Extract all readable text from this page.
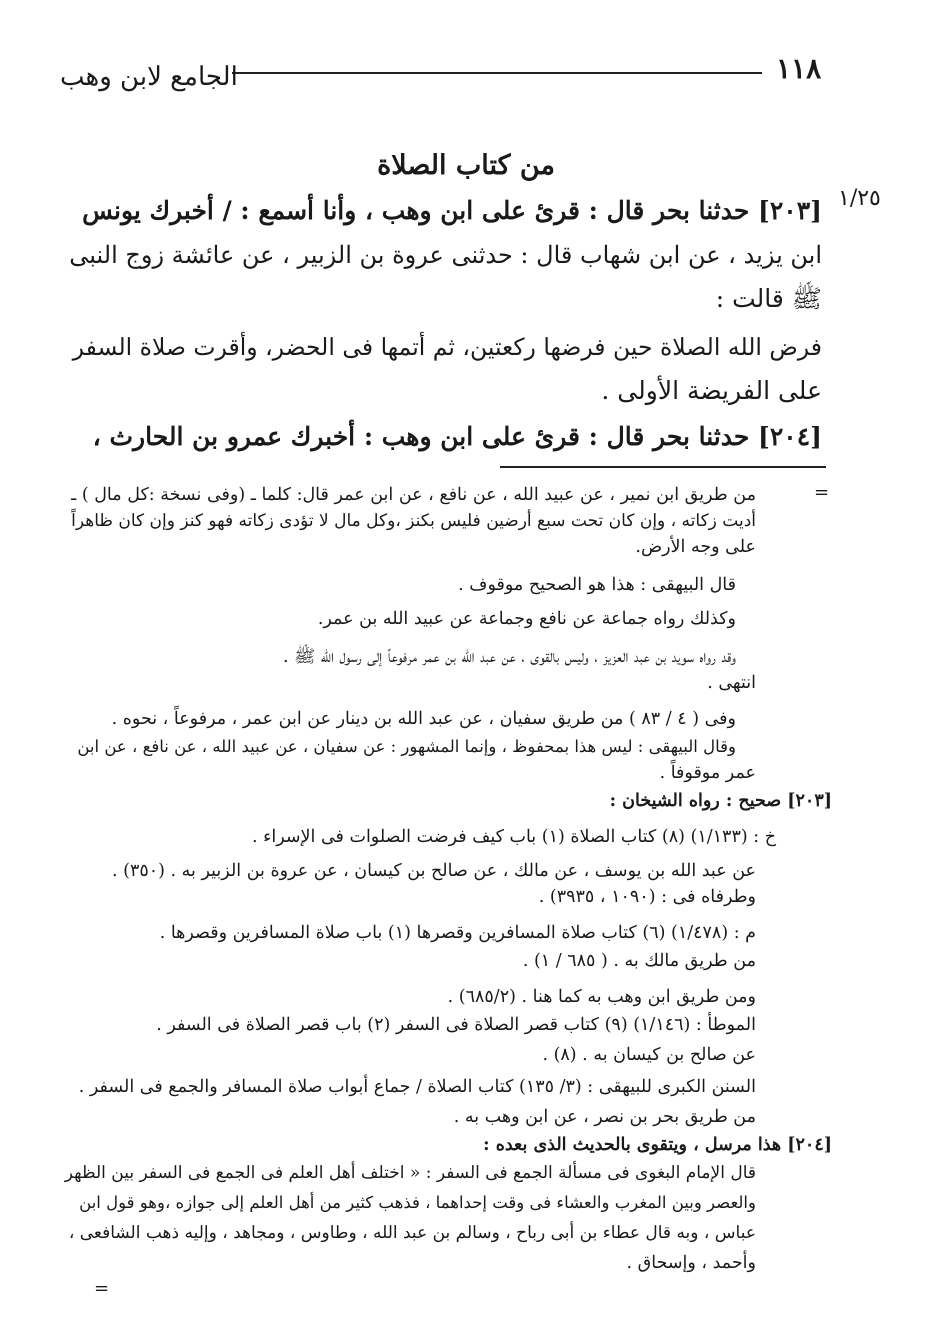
١١٨
الجامع لابن وهب
من كتاب الصلاة
١/٢٥
[٢٠٣] حدثنا بحر قال : قرئ على ابن وهب ، وأنا أسمع : / أخبرك يونس
ابن يزيد ، عن ابن شهاب قال : حدثنى عروة بن الزبير ، عن عائشة زوج النبى
ﷺ قالت :
فرض الله الصلاة حين فرضها ركعتين، ثم أتمها فى الحضر، وأقرت صلاة السفر
على الفريضة الأولى .
[٢٠٤] حدثنا بحر قال : قرئ على ابن وهب : أخبرك عمرو بن الحارث ،
=
من طريق ابن نمير ، عن عبيد الله ، عن نافع ، عن ابن عمر قال: كلما ـ (وفى نسخة :كل مال ) ـ
أديت زكاته ، وإن كان تحت سبع أرضين فليس بكنز ،وكل مال لا تؤدى زكاته فهو كنز وإن كان ظاهراً
على وجه الأرض.
قال البيهقى : هذا هو الصحيح موقوف .
وكذلك رواه جماعة عن نافع وجماعة عن عبيد الله بن عمر.
وقد رواه سويد بن عبد العزيز ، وليس بالقوى ، عن عبد الله بن عمر مرفوعاً إلى رسول الله ﷺ .
انتهى .
وفى ( ٤ / ٨٣ ) من طريق سفيان ، عن عبد الله بن دينار عن ابن عمر ، مرفوعاً ، نحوه .
وقال البيهقى : ليس هذا بمحفوظ ، وإنما المشهور : عن سفيان ، عن عبيد الله ، عن نافع ، عن ابن
عمر موقوفاً .
[٢٠٣] صحيح : رواه الشيخان :
خ : (١/١٣٣) (٨) كتاب الصلاة (١) باب كيف فرضت الصلوات فى الإسراء .
عن عبد الله بن يوسف ، عن مالك ، عن صالح بن كيسان ، عن عروة بن الزبير به . (٣٥٠) .
وطرفاه فى : (١٠٩٠ ، ٣٩٣٥) .
م : (١/٤٧٨) (٦) كتاب صلاة المسافرين وقصرها (١) باب صلاة المسافرين وقصرها .
من طريق مالك به . ( ٦٨٥ / ١) .
ومن طريق ابن وهب به كما هنا . (٦٨٥/٢) .
الموطأ : (١/١٤٦) (٩) كتاب قصر الصلاة فى السفر (٢) باب قصر الصلاة فى السفر .
عن صالح بن كيسان به . (٨) .
السنن الكبرى للبيهقى : (٣/ ١٣٥) كتاب الصلاة / جماع أبواب صلاة المسافر والجمع فى السفر .
من طريق بحر بن نصر ، عن ابن وهب به .
[٢٠٤] هذا مرسل ، ويتقوى بالحديث الذى بعده :
قال الإمام البغوى فى مسألة الجمع فى السفر : « اختلف أهل العلم فى الجمع فى السفر بين الظهر
والعصر وبين المغرب والعشاء فى وقت إحداهما ، فذهب كثير من أهل العلم إلى جوازه ،وهو قول ابن
عباس ، وبه قال عطاء بن أبى رباح ، وسالم بن عبد الله ، وطاوس ، ومجاهد ، وإليه ذهب الشافعى ،
وأحمد ، وإسحاق .
=
